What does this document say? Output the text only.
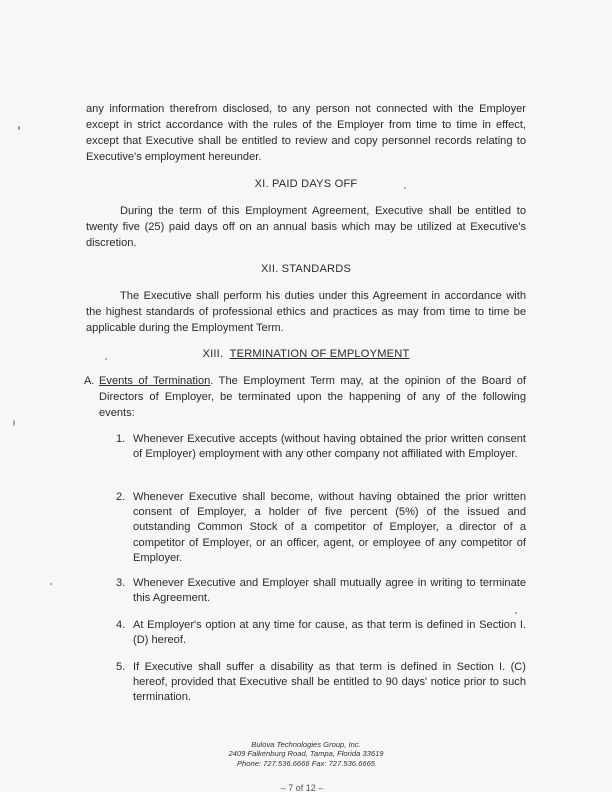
any information therefrom disclosed, to any person not connected with the Employer except in strict accordance with the rules of the Employer from time to time in effect, except that Executive shall be entitled to review and copy personnel records relating to Executive's employment hereunder.
XI. PAID DAYS OFF
During the term of this Employment Agreement, Executive shall be entitled to twenty five (25) paid days off on an annual basis which may be utilized at Executive's discretion.
XII. STANDARDS
The Executive shall perform his duties under this Agreement in accordance with the highest standards of professional ethics and practices as may from time to time be applicable during the Employment Term.
XIII. TERMINATION OF EMPLOYMENT
A. Events of Termination. The Employment Term may, at the opinion of the Board of Directors of Employer, be terminated upon the happening of any of the following events:
1. Whenever Executive accepts (without having obtained the prior written consent of Employer) employment with any other company not affiliated with Employer.
2. Whenever Executive shall become, without having obtained the prior written consent of Employer, a holder of five percent (5%) of the issued and outstanding Common Stock of a competitor of Employer, a director of a competitor of Employer, or an officer, agent, or employee of any competitor of Employer.
3. Whenever Executive and Employer shall mutually agree in writing to terminate this Agreement.
4. At Employer's option at any time for cause, as that term is defined in Section I. (D) hereof.
5. If Executive shall suffer a disability as that term is defined in Section I. (C) hereof, provided that Executive shall be entitled to 90 days' notice prior to such termination.
Bulova Technologies Group, Inc.
2409 Falkenburg Road, Tampa, Florida 33619
Phone: 727.536.6666 Fax: 727.536.6665
– 7 of 12 –
